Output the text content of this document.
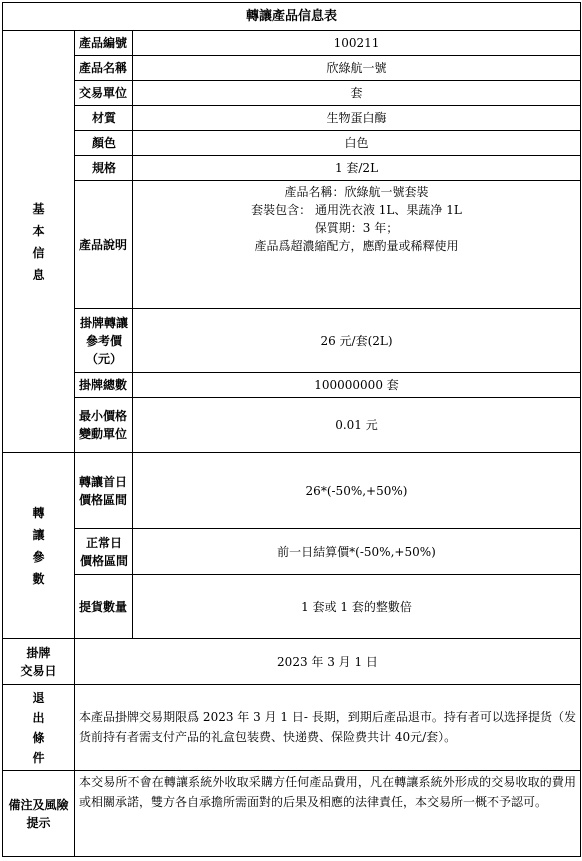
轉讓產品信息表		

基
本
信
息	產品編號	100211
	產品名稱	欣綠航一號
	交易單位	套
	材質	生物蛋白酶
	顏色	白色
	規格	1 套/2L
	產品說明	產品名稱：欣綠航一號套裝
套裝包含： 通用洗衣液 1L、果蔬净 1L
保質期：3 年；
產品爲超濃縮配方，應酌量或稀釋使用

	掛牌轉讓
參考價
（元）	26 元/套(2L)
	掛牌總數	100000000 套

	最小價格
變動單位	0.01 元

轉
讓
參
數	轉讓首日
價格區間	26*(-50%,+50%)

	正常日
價格區間	前一日結算價*(-50%,+50%)
	提貨數量	1 套或 1 套的整數倍

掛牌
交易日	2023 年 3 月 1 日	

退
出
條
件	本產品掛牌交易期限爲 2023 年 3 月 1 日- 長期，到期后產品退市。持有者可以选择提货（发货前持有者需支付产品的礼盒包装费、快递费、保险费共计 40元/套）。	

備注及風險
提示	本交易所不會在轉讓系統外收取采購方任何產品費用，凡在轉讓系統外形成的交易收取的費用或相關承諾，雙方各自承擔所需面對的后果及相應的法律責任，本交易所一概不予認可。	
